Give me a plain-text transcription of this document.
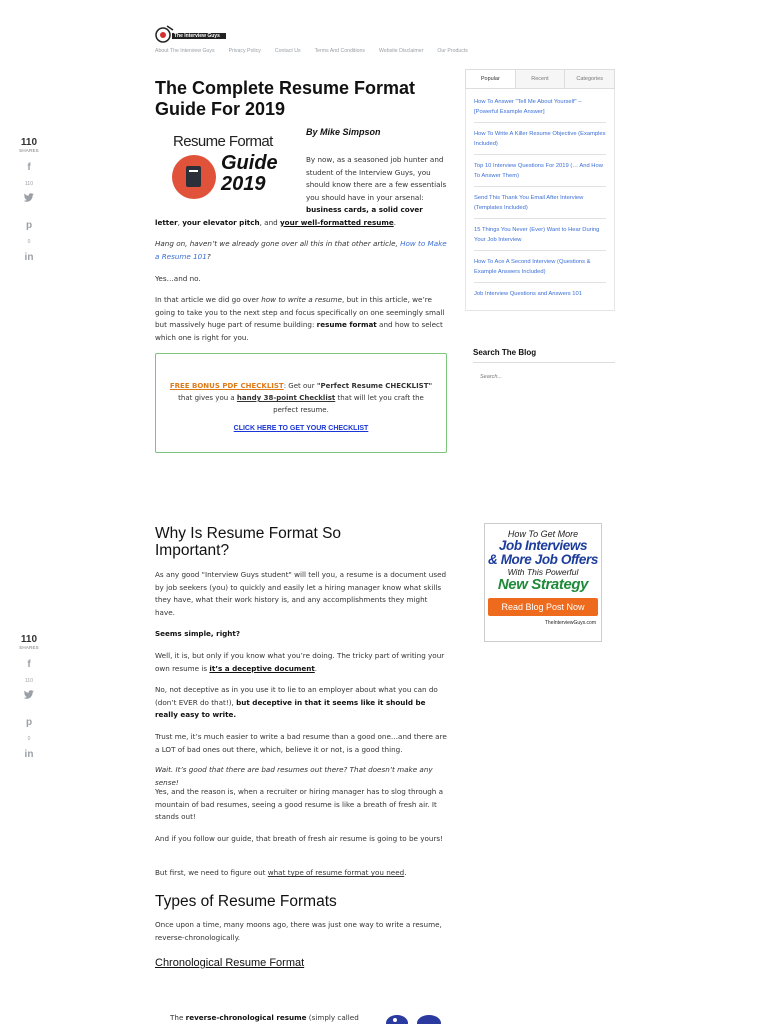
The Interview Guys
About The Interview Guys	Privacy Policy	Contact Us	Terms And Conditions	Website Disclaimer	Our Products
The Complete Resume Format
Guide For 2019
Resume Format
Guide
2019
By Mike Simpson
By now, as a seasoned job hunter and student of the Interview Guys, you should know there are a few essentials you should have in your arsenal:
business cards, a solid cover letter, your elevator pitch, and your well-formatted resume.
Hang on, haven’t we already gone over all this in that other article, How to Make a Resume 101?
Yes…and no.
In that article we did go over how to write a resume, but in this article, we’re going to take you to the next step and focus specifically on one seemingly small but massively huge part of resume building: resume format and how to select which one is right for you.
FREE BONUS PDF CHECKLIST: Get our "Perfect Resume CHECKLIST" that gives you a handy 38-point Checklist that will let you craft the perfect resume.
CLICK HERE TO GET YOUR CHECKLIST
110
SHARES
f
110
p
0
in
110
SHARES
f
110
p
0
in
Popular	Recent	Categories
How To Answer "Tell Me About Yourself" – [Powerful Example Answer]
How To Write A Killer Resume Objective (Examples Included)
Top 10 Interview Questions For 2019 (… And How To Answer Them)
Send This Thank You Email After Interview (Templates Included)
15 Things You Never (Ever) Want to Hear During Your Job Interview
How To Ace A Second Interview (Questions & Example Answers Included)
Job Interview Questions and Answers 101
Search The Blog
Search...
How To Get More
Job Interviews
& More Job Offers
With This Powerful
New Strategy
Read Blog Post Now
TheInterviewGuys.com
Why Is Resume Format So Important?
As any good "Interview Guys student" will tell you, a resume is a document used by job seekers (you) to quickly and easily let a hiring manager know what skills they have, what their work history is, and any accomplishments they might have.
Seems simple, right?
Well, it is, but only if you know what you’re doing. The tricky part of writing your own resume is it’s a deceptive document.
No, not deceptive as in you use it to lie to an employer about what you can do (don’t EVER do that!), but deceptive in that it seems like it should be really easy to write.
Trust me, it’s much easier to write a bad resume than a good one…and there are a LOT of bad ones out there, which, believe it or not, is a good thing.
Wait. It’s good that there are bad resumes out there? That doesn’t make any sense!
Yes, and the reason is, when a recruiter or hiring manager has to slog through a mountain of bad resumes, seeing a good resume is like a breath of fresh air. It stands out!
And if you follow our guide, that breath of fresh air resume is going to be yours!
But first, we need to figure out what type of resume format you need.
Types of Resume Formats
Once upon a time, many moons ago, there was just one way to write a resume, reverse-chronologically.
Chronological Resume Format
The reverse-chronological resume (simply called
